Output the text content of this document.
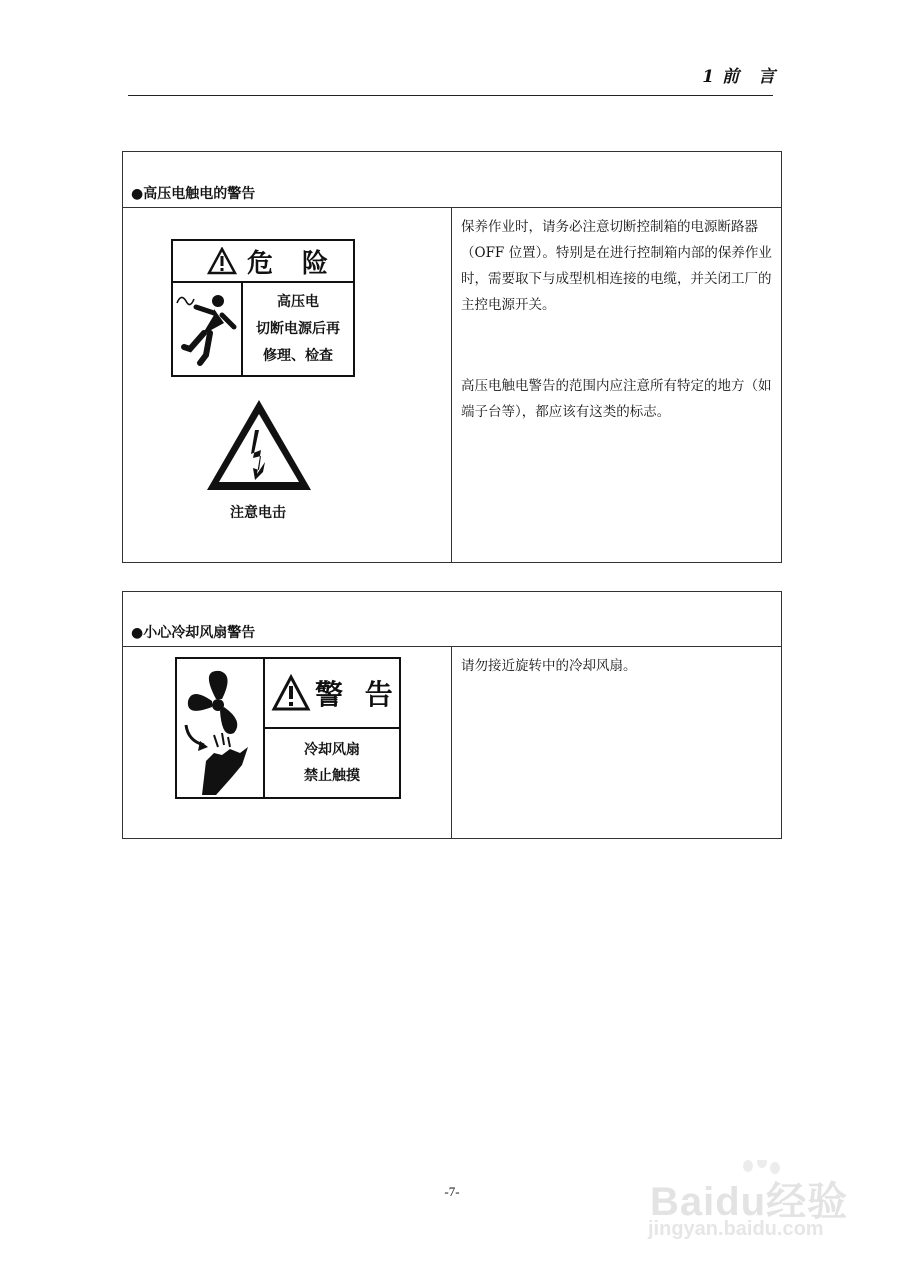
1 前　言
●高压电触电的警告
危 险
高压电
切断电源后再
修理、检查
注意电击

保养作业时，请务必注意切断控制箱的电源断路器（OFF 位置）。特别是在进行控制箱内部的保养作业时，需要取下与成型机相连接的电缆，并关闭工厂的主控电源开关。

高压电触电警告的范围内应注意所有特定的地方（如端子台等），都应该有这类的标志。

●小心冷却风扇警告
警 告
冷却风扇
禁止触摸

请勿接近旋转中的冷却风扇。

-7-	Baidu经验
jingyan.baidu.com
